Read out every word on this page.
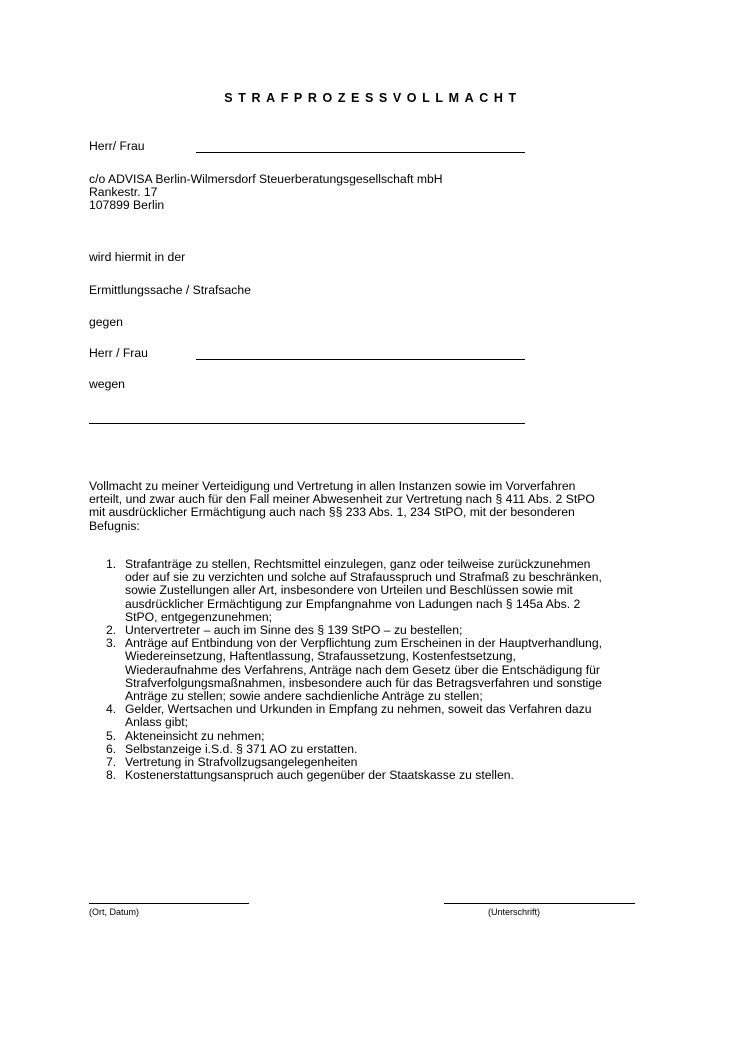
STRAFPROZESSVOLLMACHT
Herr/ Frau

c/o ADVISA Berlin-Wilmersdorf Steuerberatungsgesellschaft mbH

Rankestr. 17

107899 Berlin

wird hiermit in der
Ermittlungssache / Strafsache
gegen
Herr / Frau
wegen

Vollmacht zu meiner Verteidigung und Vertretung in allen Instanzen sowie im Vorverfahren

erteilt, und zwar auch für den Fall meiner Abwesenheit zur Vertretung nach § 411 Abs. 2 StPO

mit ausdrücklicher Ermächtigung auch nach §§ 233 Abs. 1, 234 StPO, mit der besonderen

Befugnis:

1. Strafanträge zu stellen, Rechtsmittel einzulegen, ganz oder teilweise zurückzunehmen
oder auf sie zu verzichten und solche auf Strafausspruch und Strafmaß zu beschränken,
sowie Zustellungen aller Art, insbesondere von Urteilen und Beschlüssen sowie mit
ausdrücklicher Ermächtigung zur Empfangnahme von Ladungen nach § 145a Abs. 2
StPO, entgegenzunehmen;
2. Untervertreter – auch im Sinne des § 139 StPO – zu bestellen;
3. Anträge auf Entbindung von der Verpflichtung zum Erscheinen in der Hauptverhandlung,
Wiedereinsetzung, Haftentlassung, Strafaussetzung, Kostenfestsetzung,
Wiederaufnahme des Verfahrens, Anträge nach dem Gesetz über die Entschädigung für
Strafverfolgungsmaßnahmen, insbesondere auch für das Betragsverfahren und sonstige
Anträge zu stellen; sowie andere sachdienliche Anträge zu stellen;
4. Gelder, Wertsachen und Urkunden in Empfang zu nehmen, soweit das Verfahren dazu
Anlass gibt;
5. Akteneinsicht zu nehmen;
6. Selbstanzeige i.S.d. § 371 AO zu erstatten.
7. Vertretung in Strafvollzugsangelegenheiten
8. Kostenerstattungsanspruch auch gegenüber der Staatskasse zu stellen.
(Ort, Datum)	(Unterschrift)
